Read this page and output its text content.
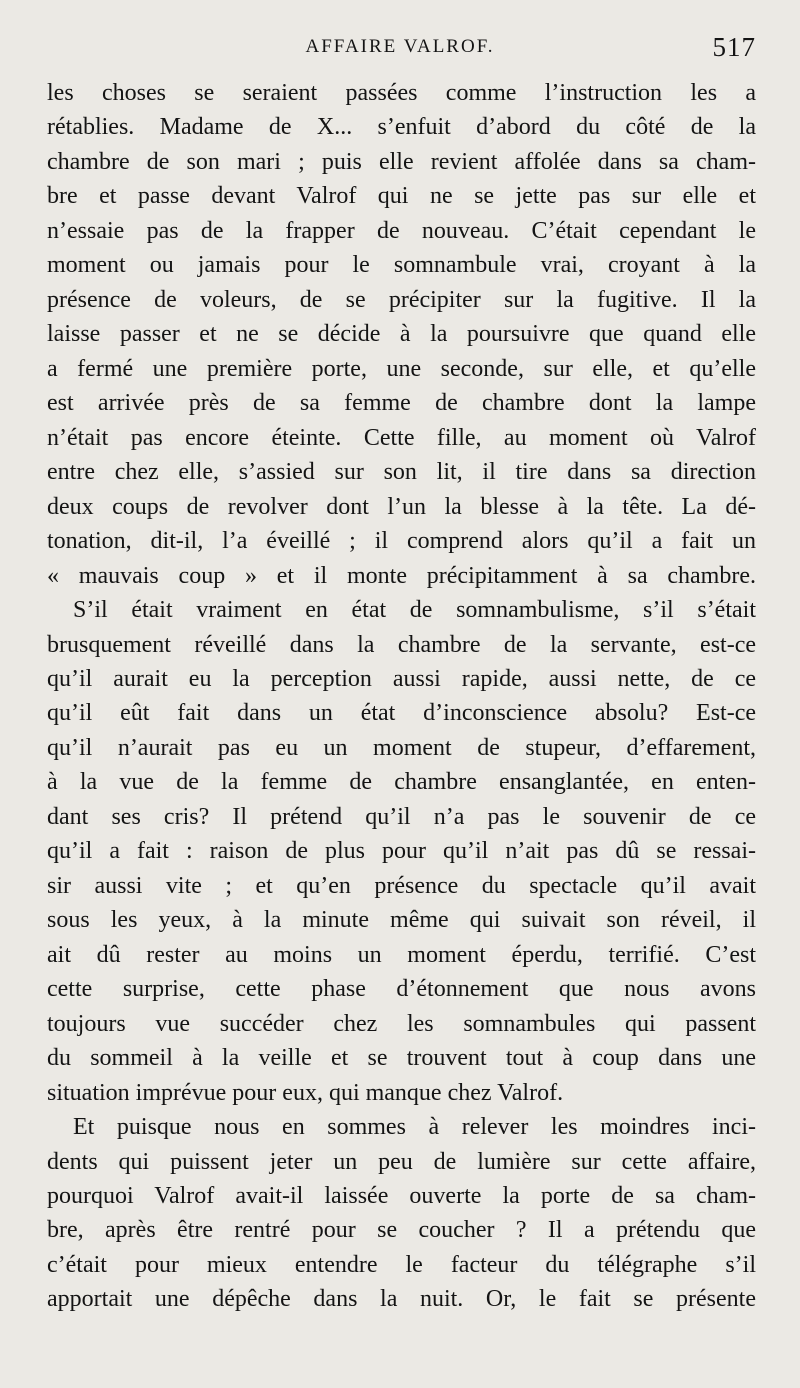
AFFAIRE VALROF.	517
les choses se seraient passées comme l’instruction les a
rétablies. Madame de X... s’enfuit d’abord du côté de la
chambre de son mari ; puis elle revient affolée dans sa cham-
bre et passe devant Valrof qui ne se jette pas sur elle et
n’essaie pas de la frapper de nouveau. C’était cependant le
moment ou jamais pour le somnambule vrai, croyant à la
présence de voleurs, de se précipiter sur la fugitive. Il la
laisse passer et ne se décide à la poursuivre que quand elle
a fermé une première porte, une seconde, sur elle, et qu’elle
est arrivée près de sa femme de chambre dont la lampe
n’était pas encore éteinte. Cette fille, au moment où Valrof
entre chez elle, s’assied sur son lit, il tire dans sa direction
deux coups de revolver dont l’un la blesse à la tête. La dé-
tonation, dit-il, l’a éveillé ; il comprend alors qu’il a fait un
« mauvais coup » et il monte précipitamment à sa chambre.
S’il était vraiment en état de somnambulisme, s’il s’était
brusquement réveillé dans la chambre de la servante, est-ce
qu’il aurait eu la perception aussi rapide, aussi nette, de ce
qu’il eût fait dans un état d’inconscience absolu? Est-ce
qu’il n’aurait pas eu un moment de stupeur, d’effarement,
à la vue de la femme de chambre ensanglantée, en enten-
dant ses cris? Il prétend qu’il n’a pas le souvenir de ce
qu’il a fait : raison de plus pour qu’il n’ait pas dû se ressai-
sir aussi vite ; et qu’en présence du spectacle qu’il avait
sous les yeux, à la minute même qui suivait son réveil, il
ait dû rester au moins un moment éperdu, terrifié. C’est
cette surprise, cette phase d’étonnement que nous avons
toujours vue succéder chez les somnambules qui passent
du sommeil à la veille et se trouvent tout à coup dans une
situation imprévue pour eux, qui manque chez Valrof.
Et puisque nous en sommes à relever les moindres inci-
dents qui puissent jeter un peu de lumière sur cette affaire,
pourquoi Valrof avait-il laissée ouverte la porte de sa cham-
bre, après être rentré pour se coucher ? Il a prétendu que
c’était pour mieux entendre le facteur du télégraphe s’il
apportait une dépêche dans la nuit. Or, le fait se présente
